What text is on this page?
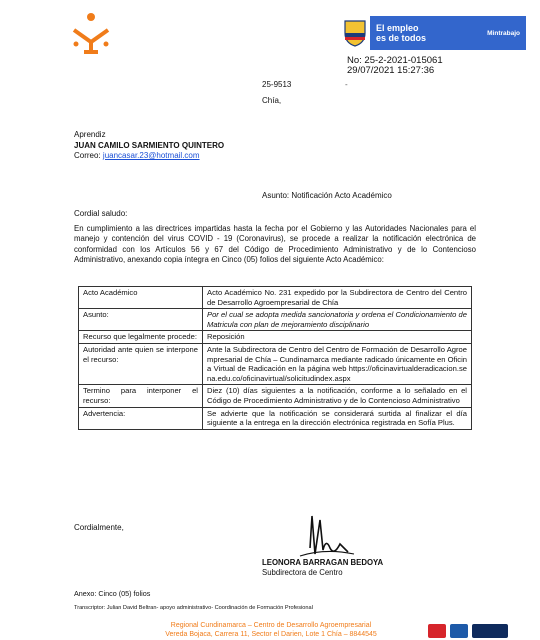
El empleo
es de todos	Mintrabajo
No: 25-2-2021-015061
29/07/2021 15:27:36
25-9513	-
Chía,
Aprendiz
JUAN CAMILO SARMIENTO QUINTERO
Correo: juancasar.23@hotmail.com
Asunto: Notificación Acto Académico
Cordial saludo:
En cumplimiento a las directrices impartidas hasta la fecha por el Gobierno y las Autoridades Nacionales para el manejo y contención del virus COVID - 19 (Coronavirus), se procede a realizar la notificación electrónica de conformidad con los Artículos 56 y 67 del Código de Procedimiento Administrativo y de lo Contencioso Administrativo, anexando copia íntegra en Cinco (05) folios del siguiente Acto Académico:
Acto Académico	Acto Académico No. 231 expedido por la Subdirectora de Centro del Centro de Desarrollo Agroempresarial de Chía
Asunto:	Por el cual se adopta medida sancionatoria y ordena el Condicionamiento de Matricula con plan de mejoramiento disciplinario
Recurso que legalmente procede:	Reposición
Autoridad ante quien se interpone el recurso:	Ante la Subdirectora de Centro del Centro de Formación de Desarrollo Agroempresarial de Chía – Cundinamarca mediante radicado únicamente en Oficina Virtual de Radicación en la página web https://oficinavirtualderadicacion.sena.edu.co/oficinavirtual/solicitudindex.aspx
Termino para interponer el recurso:	Diez (10) días siguientes a la notificación, conforme a lo señalado en el Código de Procedimiento Administrativo y de lo Contencioso Administrativo
Advertencia:	Se advierte que la notificación se considerará surtida al finalizar el día siguiente a la entrega en la dirección electrónica registrada en Sofía Plus.
Cordialmente,
LEONORA BARRAGAN BEDOYA
Subdirectora de Centro
Anexo: Cinco (05) folios
Transcriptor: Julian David Beltran- apoyo administrativo- Coordinación de Formación Profesional
Regional Cundinamarca – Centro de Desarrollo Agroempresarial
Vereda Bojaca, Carrera 11, Sector el Darien, Lote 1 Chía – 8844545
